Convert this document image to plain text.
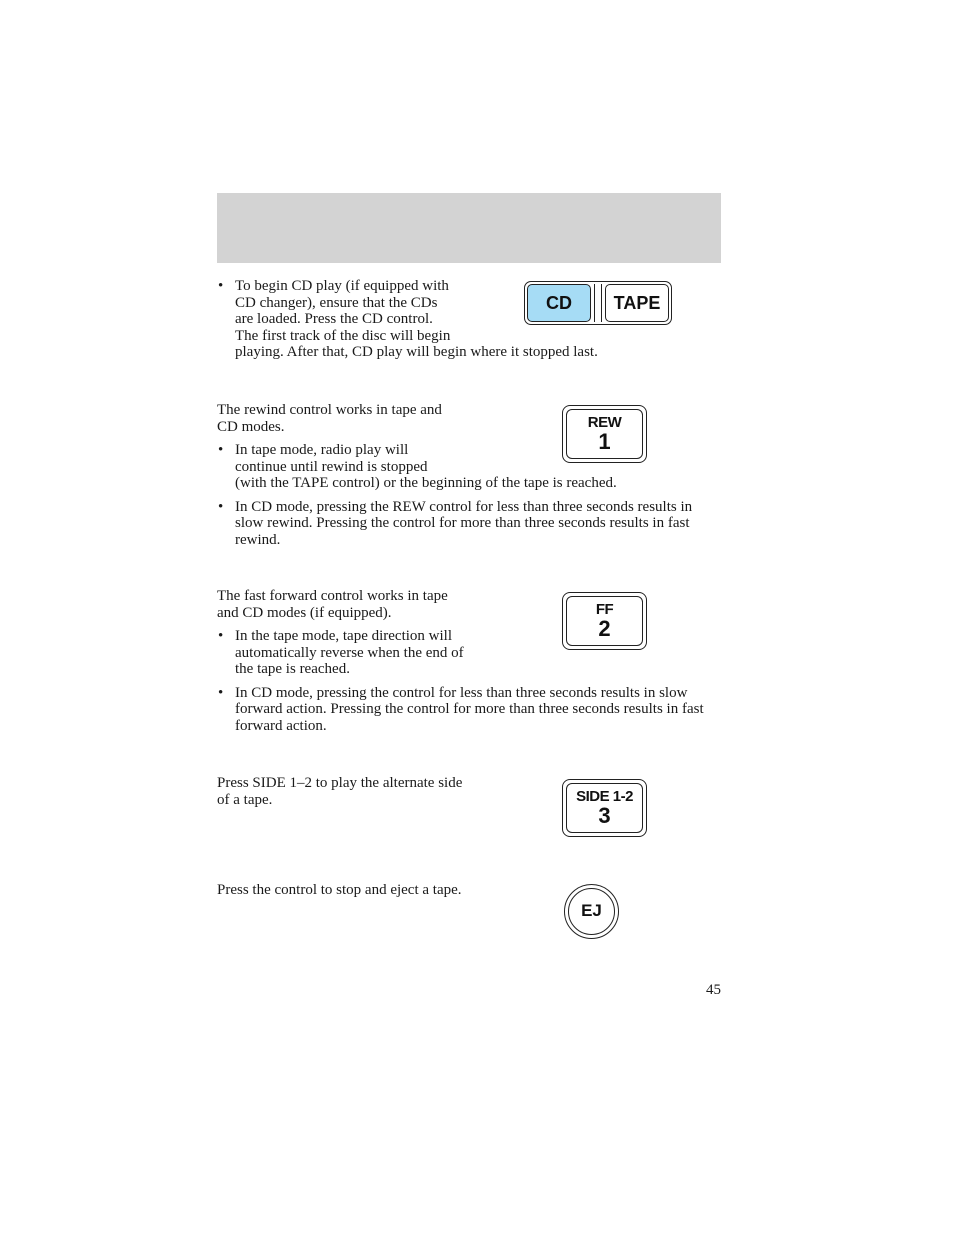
• To begin CD play (if equipped with CD changer), ensure that the CDs are loaded. Press the CD control. The first track of the disc will begin playing. After that, CD play will begin where it stopped last.

CD	TAPE

The rewind control works in tape and CD modes.

• In tape mode, radio play will continue until rewind is stopped (with the TAPE control) or the beginning of the tape is reached.

• In CD mode, pressing the REW control for less than three seconds results in slow rewind. Pressing the control for more than three seconds results in fast rewind.

REW
1

The fast forward control works in tape and CD modes (if equipped).

• In the tape mode, tape direction will automatically reverse when the end of the tape is reached.

• In CD mode, pressing the control for less than three seconds results in slow forward action. Pressing the control for more than three seconds results in fast forward action.

FF
2

Press SIDE 1–2 to play the alternate side of a tape.	SIDE 1-2
3

Press the control to stop and eject a tape.

EJ
45
